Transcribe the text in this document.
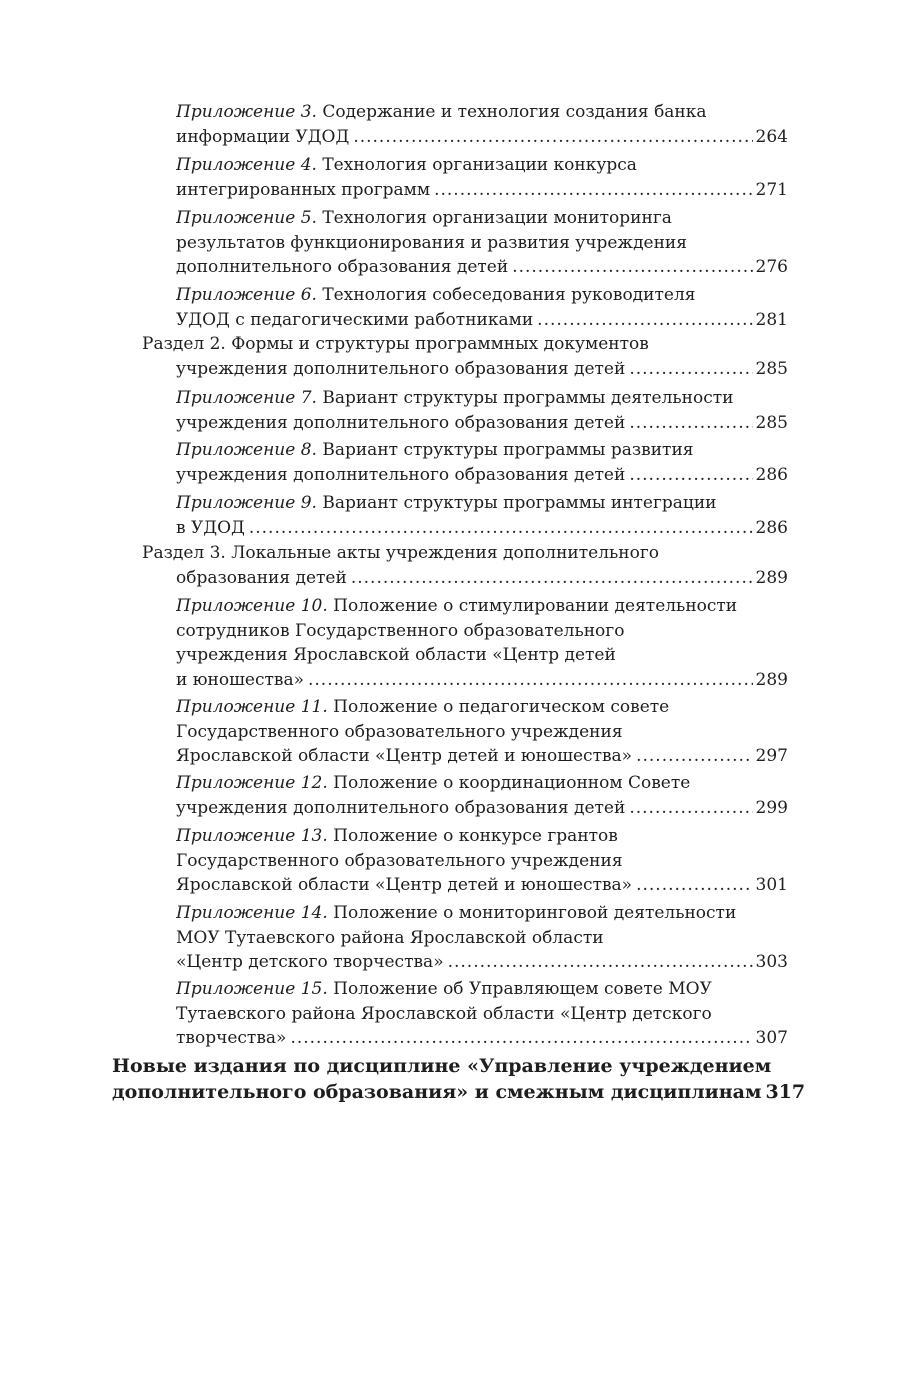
Приложение 3. Содержание и технология создания банка
информации УДОД .....	264
Приложение 4. Технология организации конкурса
интегрированных программ .....	271
Приложение 5. Технология организации мониторинга
результатов функционирования и развития учреждения
дополнительного образования детей .....	276
Приложение 6. Технология собеседования руководителя
УДОД с педагогическими работниками .....	281
Раздел 2. Формы и структуры программных документов
учреждения дополнительного образования детей .....	285
Приложение 7. Вариант структуры программы деятельности
учреждения дополнительного образования детей .....	285
Приложение 8. Вариант структуры программы развития
учреждения дополнительного образования детей .....	286
Приложение 9. Вариант структуры программы интеграции
в УДОД .....	286
Раздел 3. Локальные акты учреждения дополнительного
образования детей .....	289
Приложение 10. Положение о стимулировании деятельности
сотрудников Государственного образовательного
учреждения Ярославской области «Центр детей
и юношества» .....	289
Приложение 11. Положение о педагогическом совете
Государственного образовательного учреждения
Ярославской области «Центр детей и юношества» .....	297
Приложение 12. Положение о координационном Совете
учреждения дополнительного образования детей .....	299
Приложение 13. Положение о конкурсе грантов
Государственного образовательного учреждения
Ярославской области «Центр детей и юношества» .....	301
Приложение 14. Положение о мониторинговой деятельности
МОУ Тутаевского района Ярославской области
«Центр детского творчества» .....	303
Приложение 15. Положение об Управляющем совете МОУ
Тутаевского района Ярославской области «Центр детского
творчества» .....	307
Новые издания по дисциплине «Управление учреждением
дополнительного образования» и смежным дисциплинам 317
